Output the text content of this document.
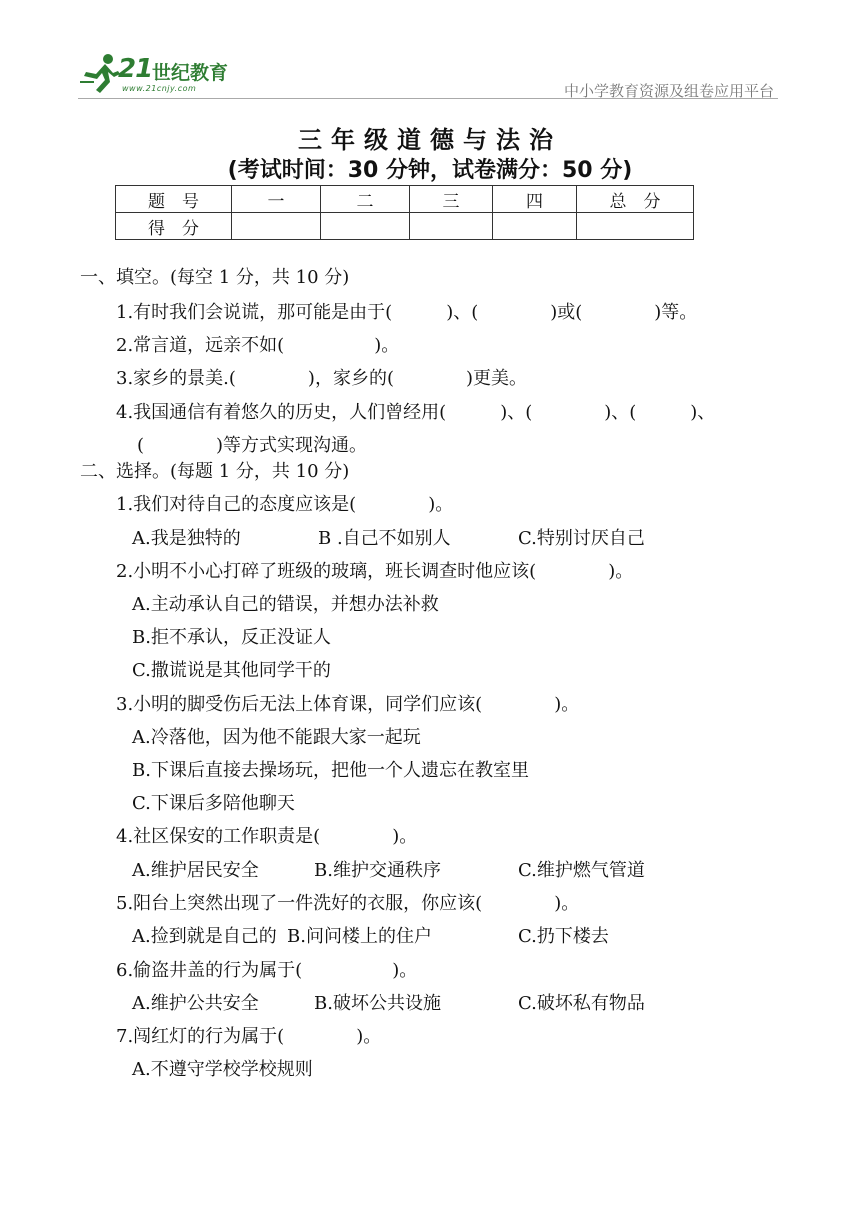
21 世纪教育
www.21cnjy.com	中小学教育资源及组卷应用平台
三年级道德与法治
(考试时间：30 分钟，试卷满分：50 分)
题　号	一	二	三	四	总　分
得　分					
一、填空。(每空 1 分，共 10 分)
1.有时我们会说谎，那可能是由于(　　　)、(　　　　)或(　　　　)等。
2.常言道，远亲不如(　　　　　)。
3.家乡的景美.(　　　　)，家乡的(　　　　)更美。
4.我国通信有着悠久的历史，人们曾经用(　　　)、(　　　　)、(　　　)、
(　　　　)等方式实现沟通。
二、选择。(每题 1 分，共 10 分)
1.我们对待自己的态度应该是(　　　　)。
A.我是独特的	B .自己不如别人	C.特别讨厌自己
2.小明不小心打碎了班级的玻璃，班长调查时他应该(　　　　)。
A.主动承认自己的错误，并想办法补救
B.拒不承认，反正没证人
C.撒谎说是其他同学干的
3.小明的脚受伤后无法上体育课，同学们应该(　　　　)。
A.冷落他，因为他不能跟大家一起玩
B.下课后直接去操场玩，把他一个人遗忘在教室里
C.下课后多陪他聊天
4.社区保安的工作职责是(　　　　)。
A.维护居民安全	B.维护交通秩序	C.维护燃气管道
5.阳台上突然出现了一件洗好的衣服，你应该(　　　　)。
A.捡到就是自己的 B.问问楼上的住户	C.扔下楼去
6.偷盗井盖的行为属于(　　　　　)。
A.维护公共安全	B.破坏公共设施	C.破坏私有物品
7.闯红灯的行为属于(　　　　)。
A.不遵守学校学校规则
